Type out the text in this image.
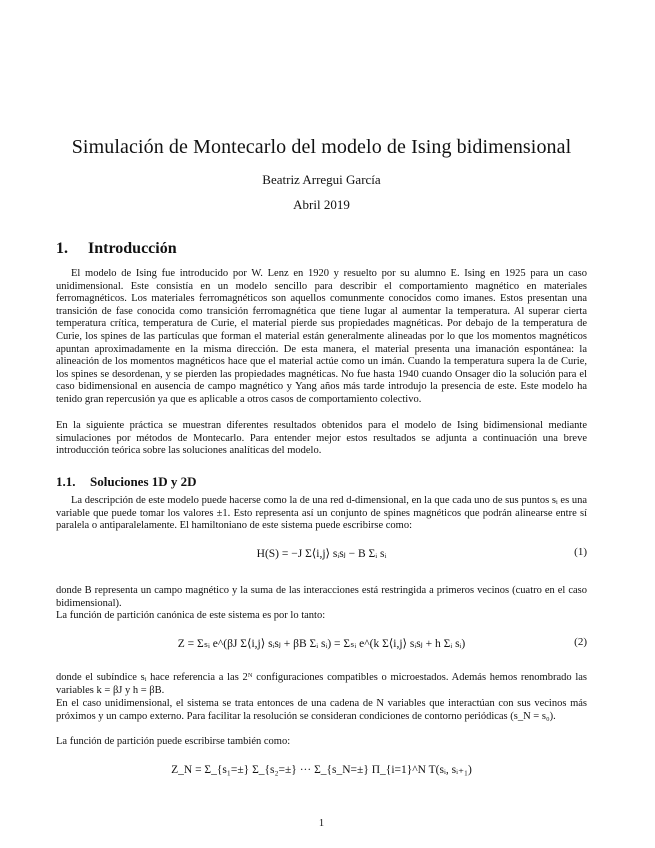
Simulación de Montecarlo del modelo de Ising bidimensional
Beatriz Arregui García
Abril 2019
1. Introducción

El modelo de Ising fue introducido por W. Lenz en 1920 y resuelto por su alumno E. Ising en 1925 para un caso unidimensional. Este consistía en un modelo sencillo para describir el comportamiento magnético en materiales ferromagnéticos. Los materiales ferromagnéticos son aquellos comunmente conocidos como imanes. Estos presentan una transición de fase conocida como transición ferromagnética que tiene lugar al aumentar la temperatura. Al superar cierta temperatura crítica, temperatura de Curie, el material pierde sus propiedades magnéticas. Por debajo de la temperatura de Curie, los spines de las partículas que forman el material están generalmente alineadas por lo que los momentos magnéticos apuntan aproximadamente en la misma dirección. De esta manera, el material presenta una imanación espontánea: la alineación de los momentos magnéticos hace que el material actúe como un imán. Cuando la temperatura supera la de Curie, los spines se desordenan, y se pierden las propiedades magnéticas. No fue hasta 1940 cuando Onsager dio la solución para el caso bidimensional en ausencia de campo magnético y Yang años más tarde introdujo la presencia de este. Este modelo ha tenido gran repercusión ya que es aplicable a otros casos de comportamiento colectivo.

En la siguiente práctica se muestran diferentes resultados obtenidos para el modelo de Ising bidimensional mediante simulaciones por métodos de Montecarlo. Para entender mejor estos resultados se adjunta a continuación una breve introducción teórica sobre las soluciones analíticas del modelo.

1.1. Soluciones 1D y 2D

La descripción de este modelo puede hacerse como la de una red d-dimensional, en la que cada uno de sus puntos sᵢ es una variable que puede tomar los valores ±1. Esto representa así un conjunto de spines magnéticos que podrán alinearse entre sí paralela o antiparalelamente. El hamiltoniano de este sistema puede escribirse como:

H(S) = −J Σ⟨i,j⟩ sᵢsⱼ − B Σᵢ sᵢ	(1)

donde B representa un campo magnético y la suma de las interacciones está restringida a primeros vecinos (cuatro en el caso bidimensional).

La función de partición canónica de este sistema es por lo tanto:

Z = Σₛᵢ e^(βJ Σ⟨i,j⟩ sᵢsⱼ + βB Σᵢ sᵢ) = Σₛᵢ e^(k Σ⟨i,j⟩ sᵢsⱼ + h Σᵢ sᵢ)	(2)

donde el subíndice sᵢ hace referencia a las 2ᴺ configuraciones compatibles o microestados. Además hemos renombrado las variables k = βJ y h = βB.

En el caso unidimensional, el sistema se trata entonces de una cadena de N variables que interactúan con sus vecinos más próximos y un campo externo. Para facilitar la resolución se consideran condiciones de contorno periódicas (s_N = s₀).

La función de partición puede escribirse también como:

Z_N = Σ_{s₁=±} Σ_{s₂=±} ··· Σ_{s_N=±} Π_{i=1}^N T(sᵢ, sᵢ₊₁)
1
